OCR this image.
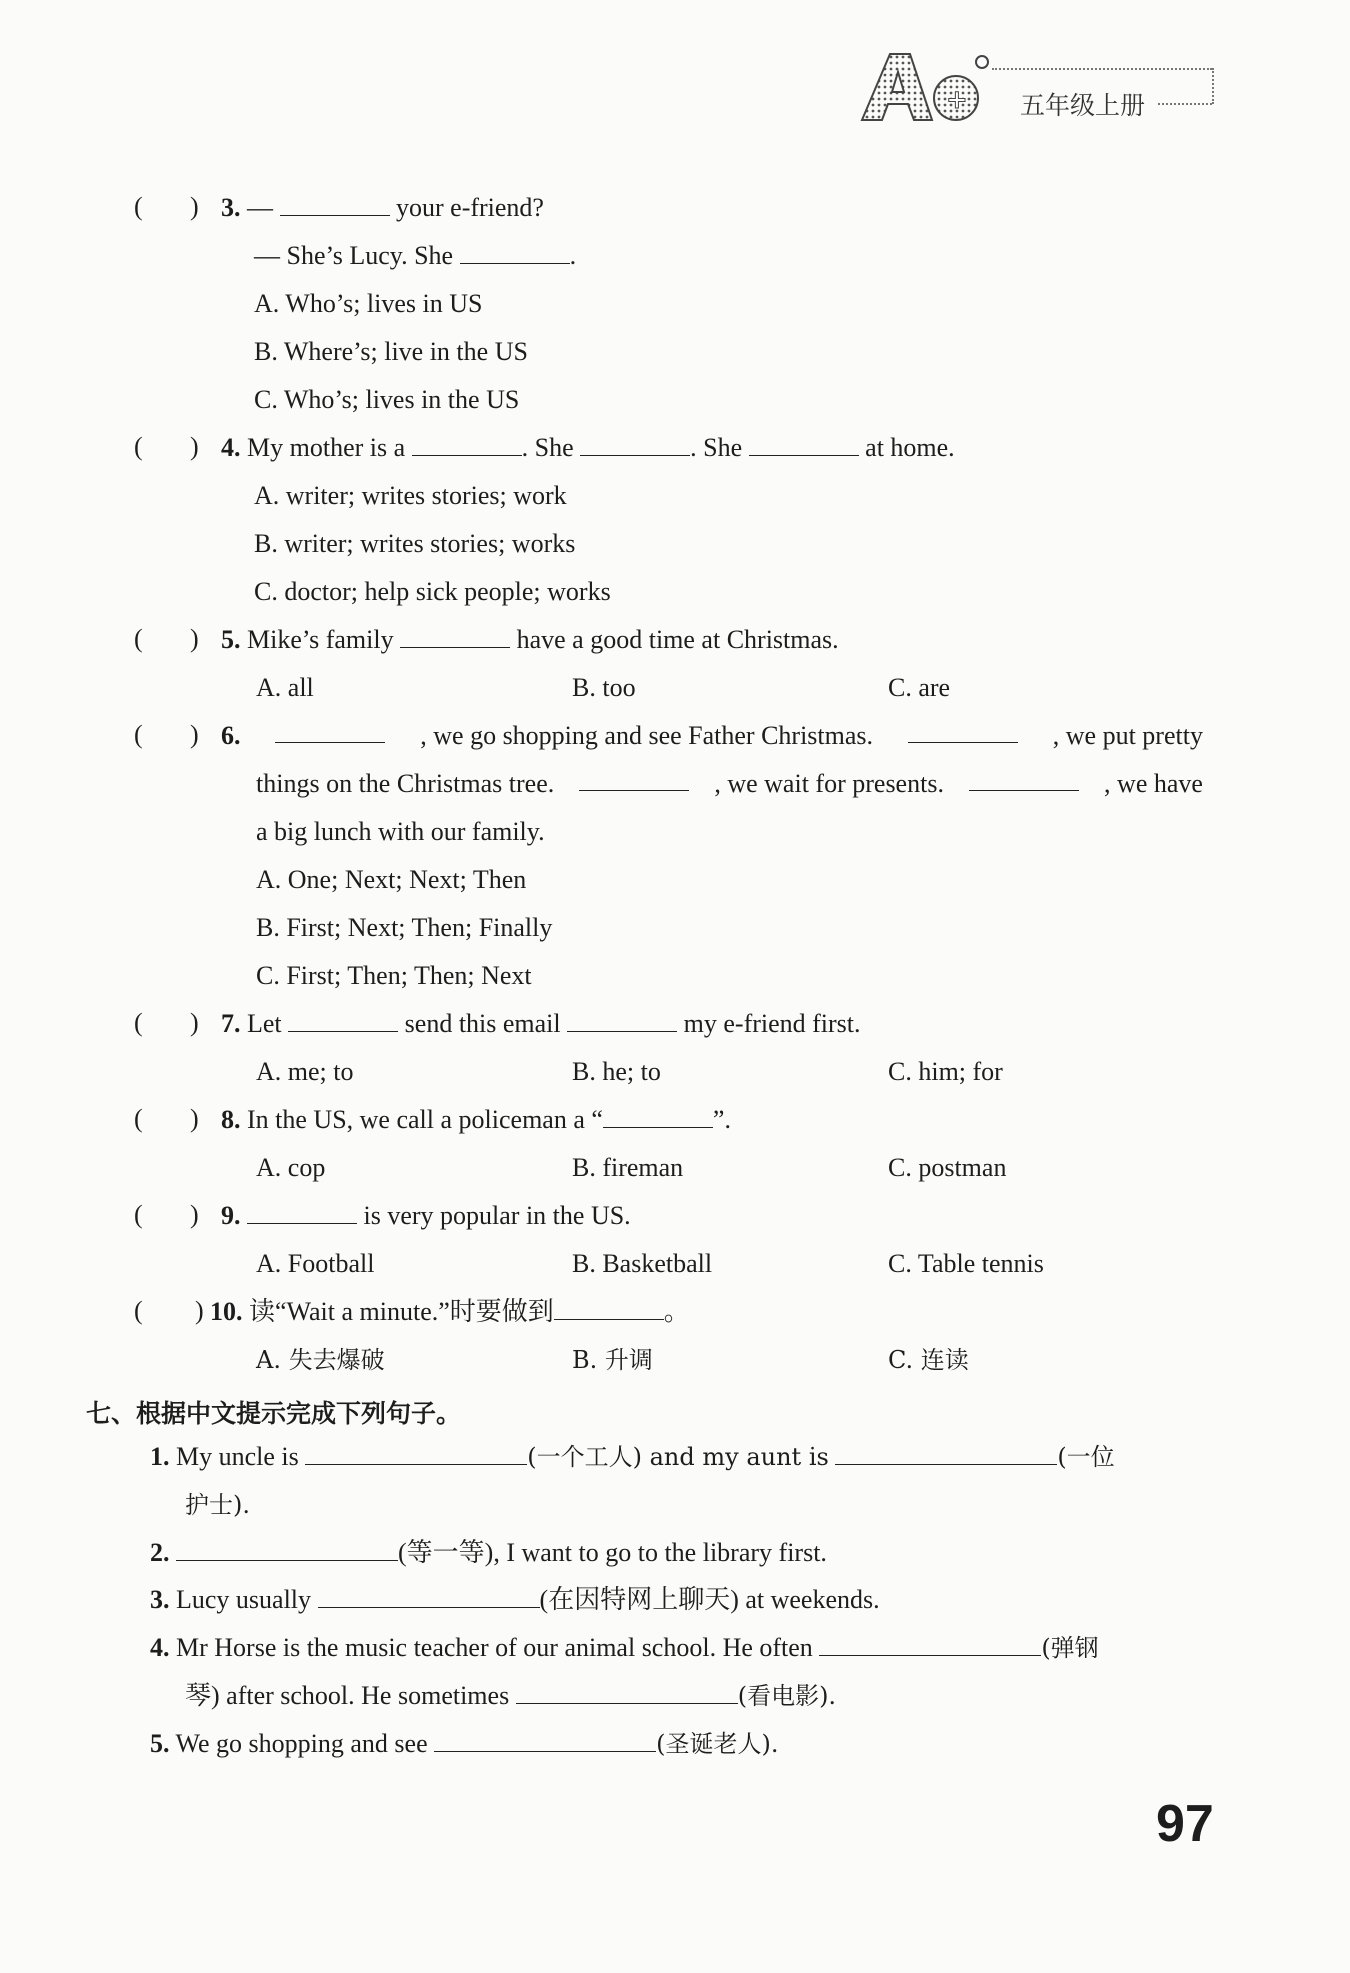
+ 五年级上册
( ) 3. —	your e-friend?
— She’s Lucy. She	.
A. Who’s; lives in US
B. Where’s; live in the US
C. Who’s; lives in the US
( ) 4. My mother is a	. She	. She	at home.
A. writer; writes stories; work
B. writer; writes stories; works
C. doctor; help sick people; works
( ) 5. Mike’s family	have a good time at Christmas.
A. all	B. too	C. are
( ) 6.	, we go shopping and see Father Christmas.	, we put pretty
things on the Christmas tree.	, we wait for presents.	, we have
a big lunch with our family.
A. One; Next; Next; Then
B. First; Next; Then; Finally
C. First; Then; Then; Next
( ) 7. Let	send this email	my e-friend first.
A. me; to	B. he; to	C. him; for
( ) 8. In the US, we call a policeman a “	”.
A. cop	B. fireman	C. postman
( ) 9.	is very popular in the US.
A. Football	B. Basketball	C. Table tennis
( ) 10. 读“Wait a minute.”时要做到	。
A. 失去爆破	B. 升调	C. 连读
七、根据中文提示完成下列句子。
1. My uncle is	(一个工人) and my aunt is	(一位
护士).
2.	(等一等), I want to go to the library first.
3. Lucy usually	(在因特网上聊天) at weekends.
4. Mr Horse is the music teacher of our animal school. He often	(弹钢
琴) after school. He sometimes	(看电影).
5. We go shopping and see	(圣诞老人).
97
